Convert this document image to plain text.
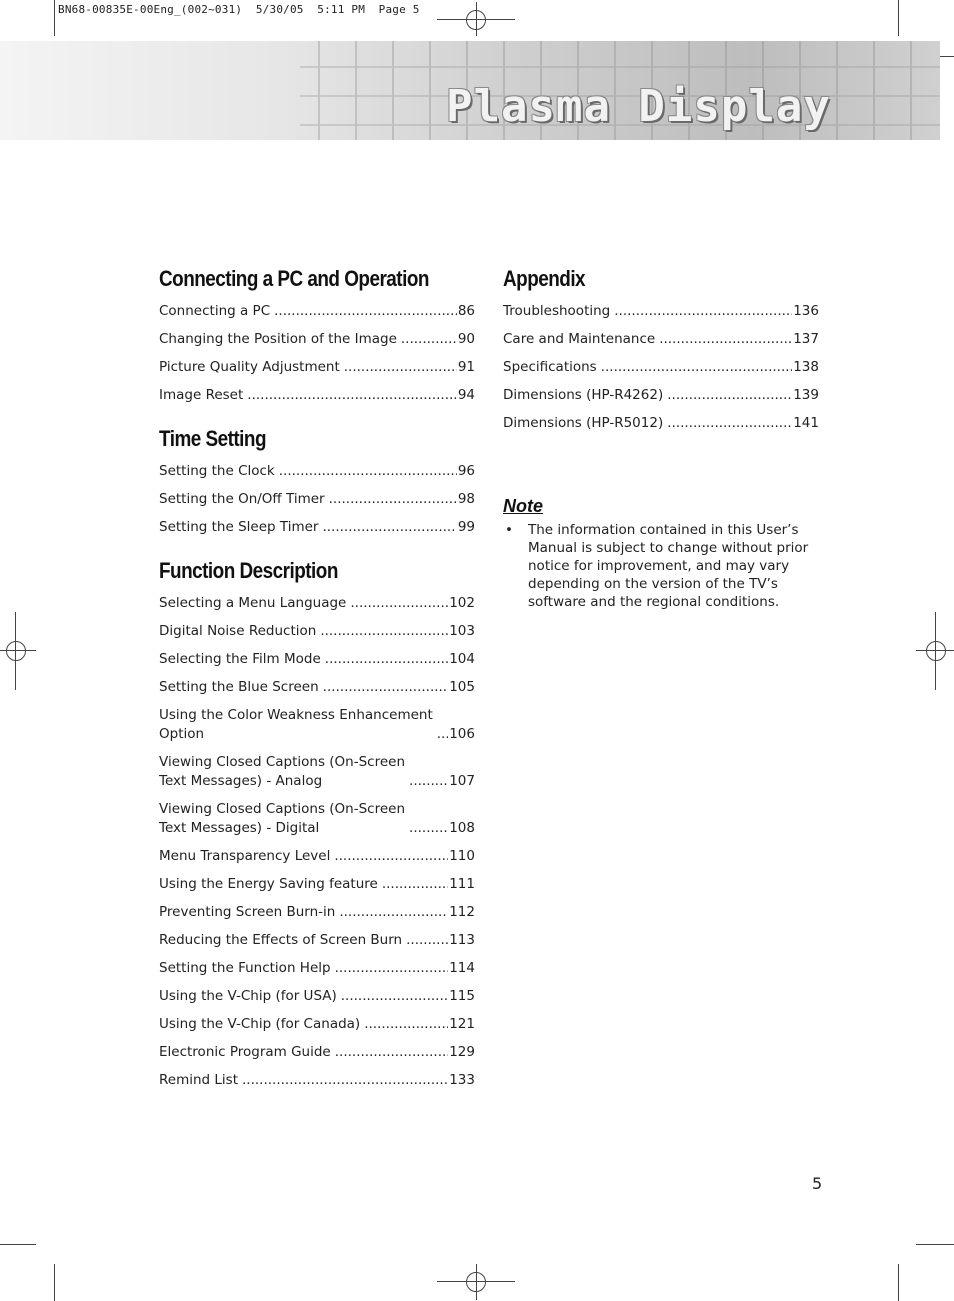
BN68-00835E-00Eng_(002~031)  5/30/05  5:11 PM  Page 5
Plasma Display
Connecting a PC and Operation
Connecting a PC .....	86
Changing the Position of the Image .....	90
Picture Quality Adjustment .....	91
Image Reset .....	94
Time Setting
Setting the Clock .....	96
Setting the On/Off Timer .....	98
Setting the Sleep Timer .....	99
Function Description
Selecting a Menu Language .....	102
Digital Noise Reduction .....	103
Selecting the Film Mode .....	104
Setting the Blue Screen .....	105
Using the Color Weakness Enhancement
Option .....	106
Viewing Closed Captions (On-Screen
Text Messages) - Analog .....	107
Viewing Closed Captions (On-Screen
Text Messages) - Digital .....	108
Menu Transparency Level .....	110
Using the Energy Saving feature .....	111
Preventing Screen Burn-in .....	112
Reducing the Effects of Screen Burn .....	113
Setting the Function Help .....	114
Using the V-Chip (for USA) .....	115
Using the V-Chip (for Canada) .....	121
Electronic Program Guide .....	129
Remind List .....	133
Appendix
Troubleshooting .....	136
Care and Maintenance .....	137
Specifications .....	138
Dimensions (HP-R4262) .....	139
Dimensions (HP-R5012) .....	141
Note
•	The information contained in this User’s Manual is subject to change without prior notice for improvement, and may vary depending on the version of the TV’s software and the regional conditions.
5
